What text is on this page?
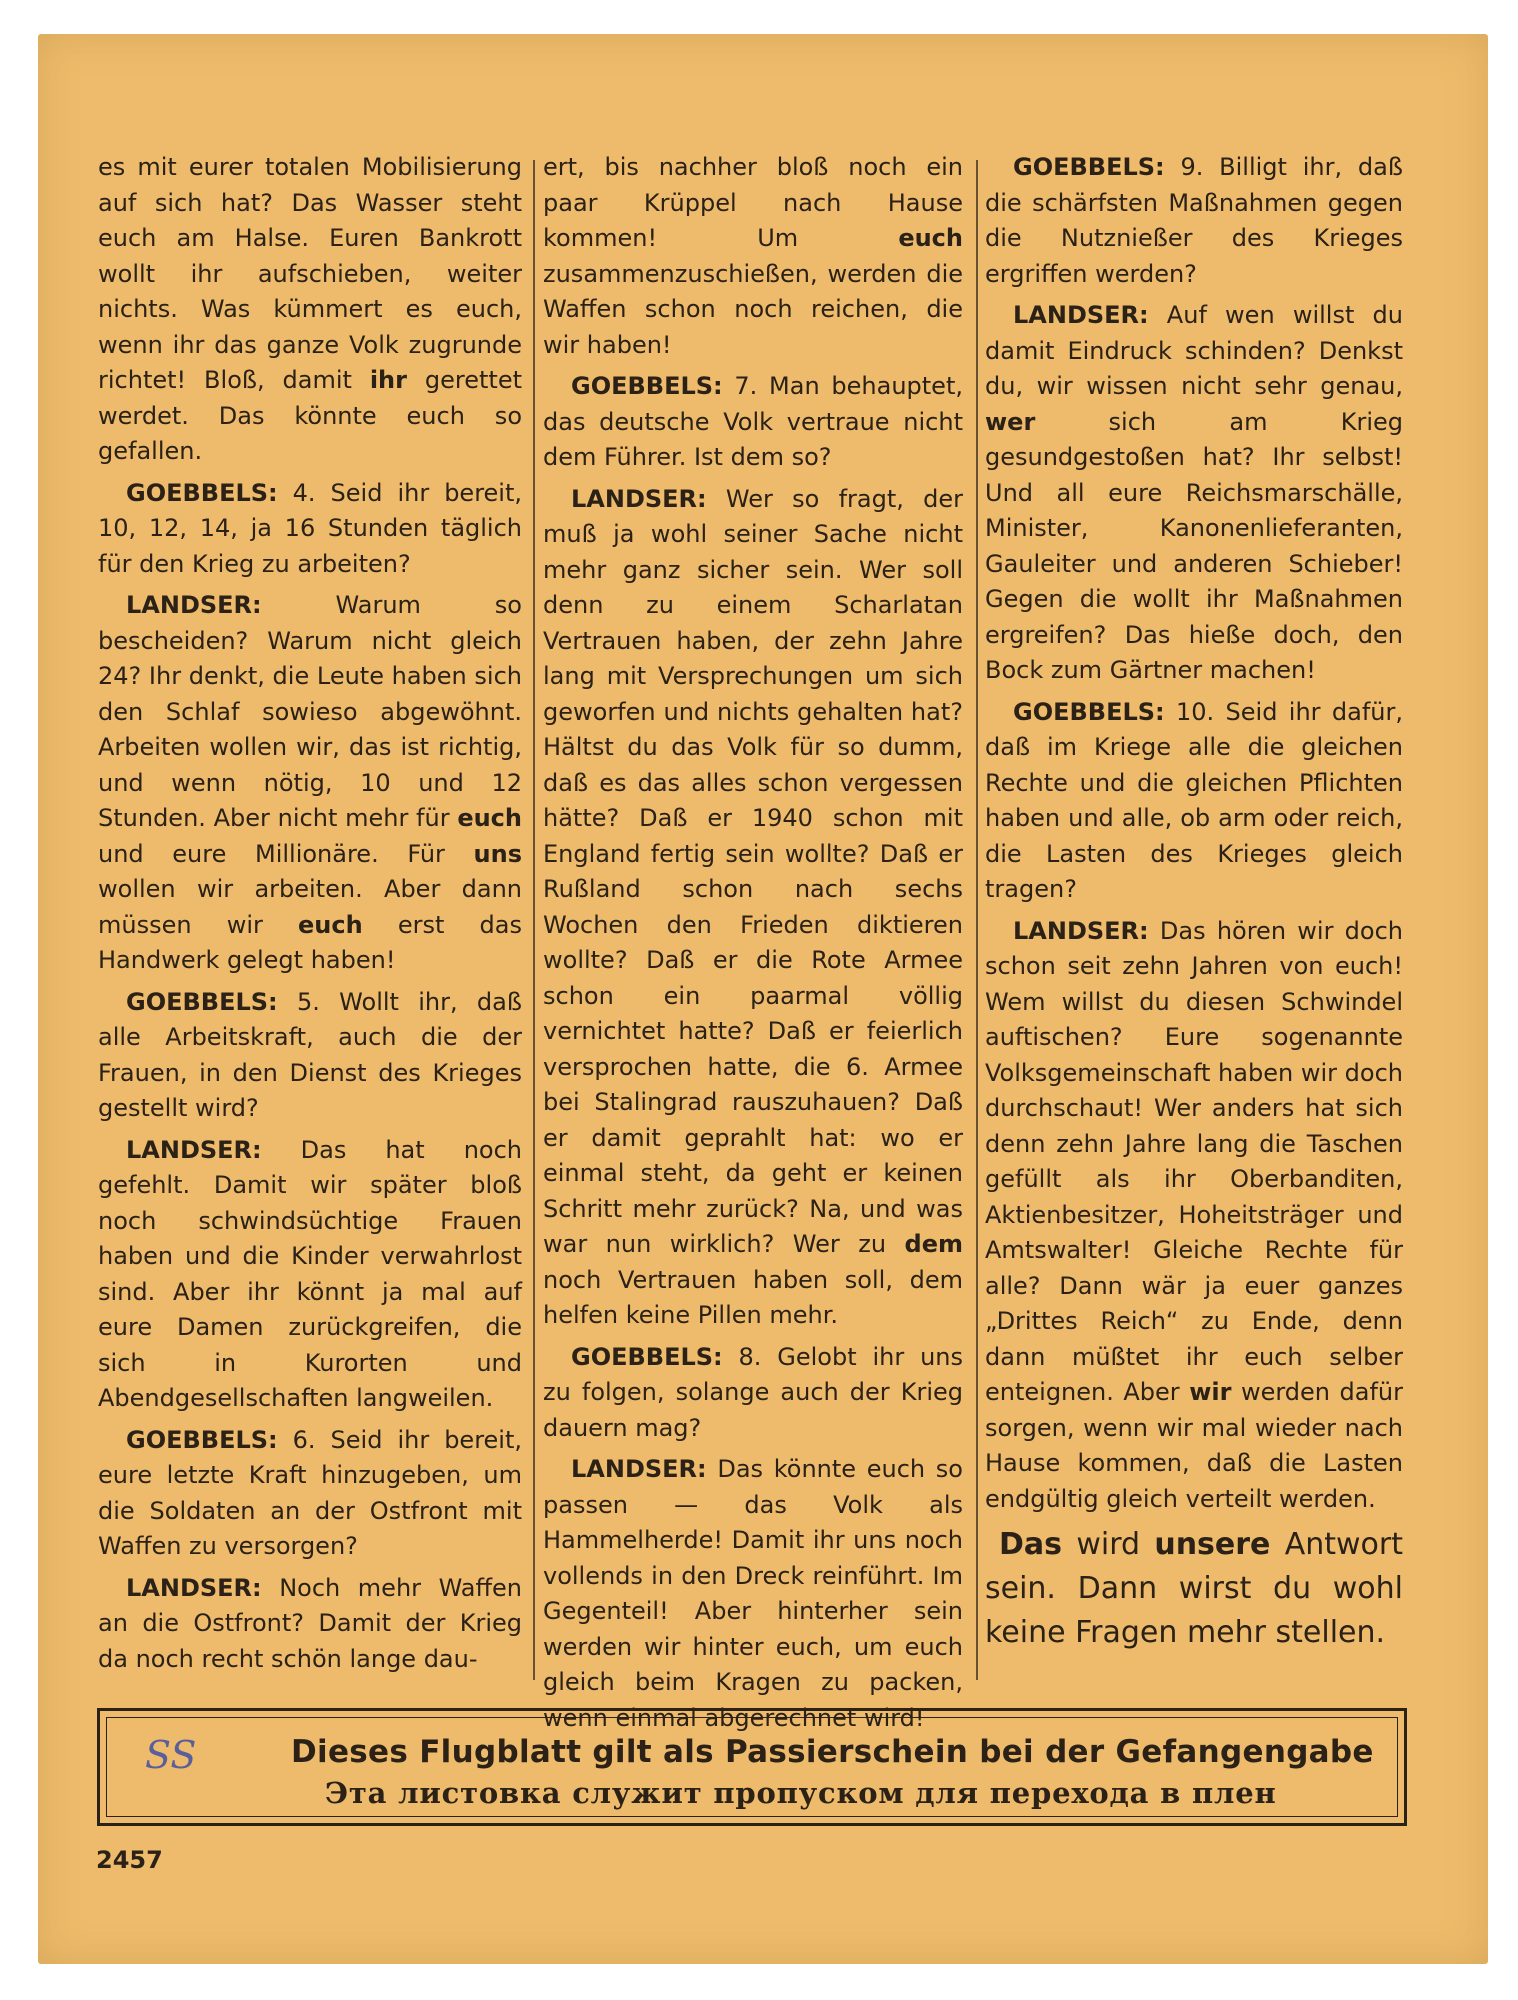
es mit eurer totalen Mobilisierung auf sich hat? Das Wasser steht euch am Halse. Euren Bankrott wollt ihr aufschieben, weiter nichts. Was kümmert es euch, wenn ihr das ganze Volk zugrunde richtet! Bloß, damit ihr gerettet werdet. Das könnte euch so gefallen.

GOEBBELS: 4. Seid ihr bereit, 10, 12, 14, ja 16 Stunden täglich für den Krieg zu arbeiten?

LANDSER: Warum so bescheiden? Warum nicht gleich 24? Ihr denkt, die Leute haben sich den Schlaf sowieso abgewöhnt. Arbeiten wollen wir, das ist richtig, und wenn nötig, 10 und 12 Stunden. Aber nicht mehr für euch und eure Millionäre. Für uns wollen wir arbeiten. Aber dann müssen wir euch erst das Handwerk gelegt haben!

GOEBBELS: 5. Wollt ihr, daß alle Arbeitskraft, auch die der Frauen, in den Dienst des Krieges gestellt wird?

LANDSER: Das hat noch gefehlt. Damit wir später bloß noch schwindsüchtige Frauen haben und die Kinder verwahrlost sind. Aber ihr könnt ja mal auf eure Damen zurückgreifen, die sich in Kurorten und Abendgesellschaften langweilen.

GOEBBELS: 6. Seid ihr bereit, eure letzte Kraft hinzugeben, um die Soldaten an der Ostfront mit Waffen zu versorgen?

LANDSER: Noch mehr Waffen an die Ostfront? Damit der Krieg da noch recht schön lange dau-

ert, bis nachher bloß noch ein paar Krüppel nach Hause kommen! Um euch zusammenzuschießen, werden die Waffen schon noch reichen, die wir haben!

GOEBBELS: 7. Man behauptet, das deutsche Volk vertraue nicht dem Führer. Ist dem so?

LANDSER: Wer so fragt, der muß ja wohl seiner Sache nicht mehr ganz sicher sein. Wer soll denn zu einem Scharlatan Vertrauen haben, der zehn Jahre lang mit Versprechungen um sich geworfen und nichts gehalten hat? Hältst du das Volk für so dumm, daß es das alles schon vergessen hätte? Daß er 1940 schon mit England fertig sein wollte? Daß er Rußland schon nach sechs Wochen den Frieden diktieren wollte? Daß er die Rote Armee schon ein paarmal völlig vernichtet hatte? Daß er feierlich versprochen hatte, die 6. Armee bei Stalingrad rauszuhauen? Daß er damit geprahlt hat: wo er einmal steht, da geht er keinen Schritt mehr zurück? Na, und was war nun wirklich? Wer zu dem noch Vertrauen haben soll, dem helfen keine Pillen mehr.

GOEBBELS: 8. Gelobt ihr uns zu folgen, solange auch der Krieg dauern mag?

LANDSER: Das könnte euch so passen — das Volk als Hammelherde! Damit ihr uns noch vollends in den Dreck reinführt. Im Gegenteil! Aber hinterher sein werden wir hinter euch, um euch gleich beim Kragen zu packen, wenn einmal abgerechnet wird!

GOEBBELS: 9. Billigt ihr, daß die schärfsten Maßnahmen gegen die Nutznießer des Krieges ergriffen werden?

LANDSER: Auf wen willst du damit Eindruck schinden? Denkst du, wir wissen nicht sehr genau, wer sich am Krieg gesundgestoßen hat? Ihr selbst! Und all eure Reichsmarschälle, Minister, Kanonenlieferanten, Gauleiter und anderen Schieber! Gegen die wollt ihr Maßnahmen ergreifen? Das hieße doch, den Bock zum Gärtner machen!

GOEBBELS: 10. Seid ihr dafür, daß im Kriege alle die gleichen Rechte und die gleichen Pflichten haben und alle, ob arm oder reich, die Lasten des Krieges gleich tragen?

LANDSER: Das hören wir doch schon seit zehn Jahren von euch! Wem willst du diesen Schwindel auftischen? Eure sogenannte Volksgemeinschaft haben wir doch durchschaut! Wer anders hat sich denn zehn Jahre lang die Taschen gefüllt als ihr Oberbanditen, Aktienbesitzer, Hoheitsträger und Amtswalter! Gleiche Rechte für alle? Dann wär ja euer ganzes „Drittes Reich“ zu Ende, denn dann müßtet ihr euch selber enteignen. Aber wir werden dafür sorgen, wenn wir mal wieder nach Hause kommen, daß die Lasten endgültig gleich verteilt werden.

Das wird unsere Antwort sein. Dann wirst du wohl keine Fragen mehr stellen.

SS	Dieses Flugblatt gilt als Passierschein bei der Gefangengabe
Эта листовка служит пропуском для перехода в плен
2457
